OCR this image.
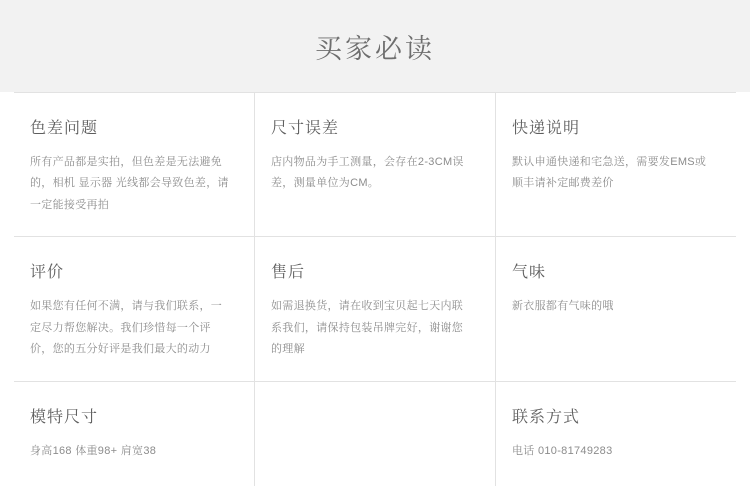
买家必读
色差问题

所有产品都是实拍，但色差是无法避免的，相机 显示器 光线都会导致色差，请一定能接受再拍

尺寸误差

店内物品为手工测量，会存在2-3CM误差，测量单位为CM。

快递说明

默认申通快递和宅急送，需要发EMS或顺丰请补定邮费差价

评价

如果您有任何不满，请与我们联系，一定尽力帮您解决。我们珍惜每一个评价，您的五分好评是我们最大的动力

售后

如需退换货，请在收到宝贝起七天内联系我们，请保持包装吊牌完好，谢谢您的理解

气味

新衣服都有气味的哦

模特尺寸

身高168 体重98+ 肩宽38

联系方式

电话 010-81749283
